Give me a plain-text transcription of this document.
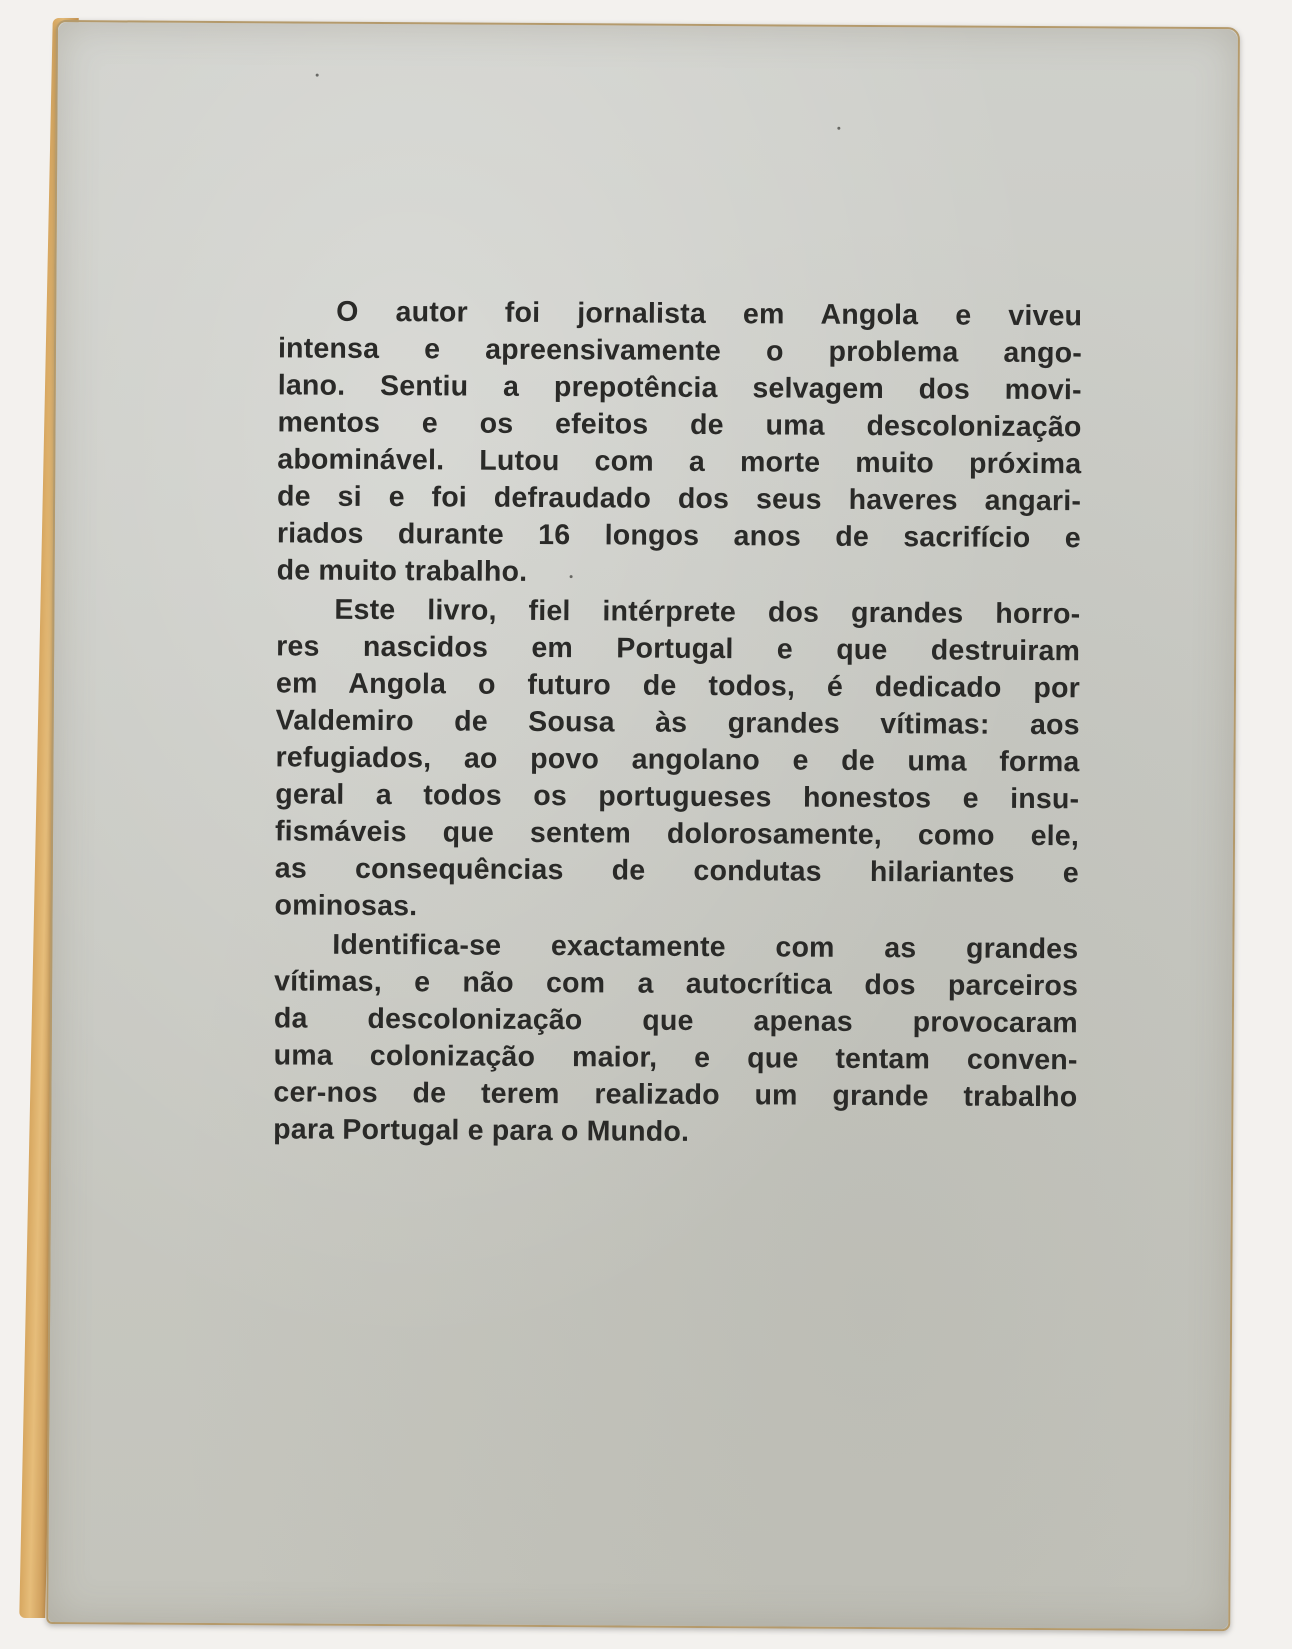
O autor foi jornalista em Angola e viveu
intensa e apreensivamente o problema ango-
lano. Sentiu a prepotência selvagem dos movi-
mentos e os efeitos de uma descolonização
abominável. Lutou com a morte muito próxima
de si e foi defraudado dos seus haveres angari-
riados durante 16 longos anos de sacrifício e
de muito trabalho.

Este livro, fiel intérprete dos grandes horro-
res nascidos em Portugal e que destruiram
em Angola o futuro de todos, é dedicado por
Valdemiro de Sousa às grandes vítimas: aos
refugiados, ao povo angolano e de uma forma
geral a todos os portugueses honestos e insu-
fismáveis que sentem dolorosamente, como ele,
as consequências de condutas hilariantes e
ominosas.

Identifica-se exactamente com as grandes
vítimas, e não com a autocrítica dos parceiros
da descolonização que apenas provocaram
uma colonização maior, e que tentam conven-
cer-nos de terem realizado um grande trabalho
para Portugal e para o Mundo.
